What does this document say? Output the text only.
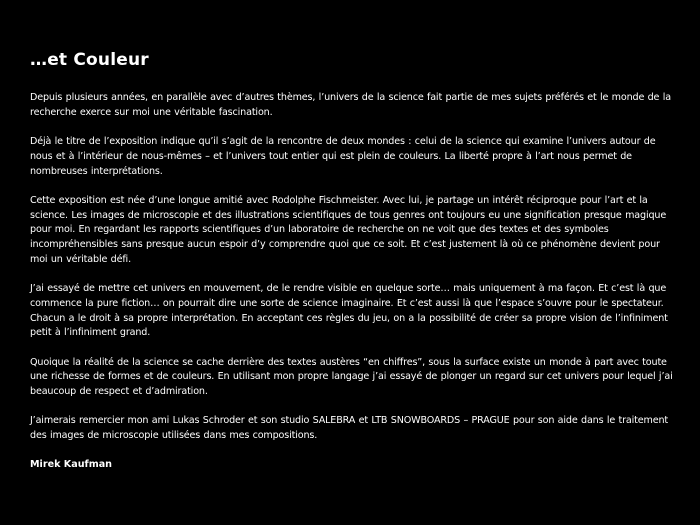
…et Couleur

Depuis plusieurs années, en parallèle avec d’autres thèmes, l’univers de la science fait partie de mes sujets préférés et le monde de la recherche exerce sur moi une véritable fascination.

Déjà le titre de l’exposition indique qu’il s’agit de la rencontre de deux mondes : celui de la science qui examine l’univers autour de nous et à l’intérieur de nous-mêmes – et l’univers tout entier qui est plein de couleurs. La liberté propre à l’art nous permet de nombreuses interprétations.

Cette exposition est née d’une longue amitié avec Rodolphe Fischmeister. Avec lui, je partage un intérêt réciproque pour l’art et la science. Les images de microscopie et des illustrations scientifiques de tous genres ont toujours eu une signification presque magique pour moi. En regardant les rapports scientifiques d’un laboratoire de recherche on ne voit que des textes et des symboles incompréhensibles sans presque aucun espoir d’y comprendre quoi que ce soit. Et c’est justement là où ce phénomène devient pour moi un véritable défi.

J’ai essayé de mettre cet univers en mouvement, de le rendre visible en quelque sorte… mais uniquement à ma façon. Et c’est là que commence la pure fiction… on pourrait dire une sorte de science imaginaire. Et c’est aussi là que l’espace s’ouvre pour le spectateur. Chacun a le droit à sa propre interprétation. En acceptant ces règles du jeu, on a la possibilité de créer sa propre vision de l’infiniment petit à l’infiniment grand.

Quoique la réalité de la science se cache derrière des textes austères “en chiffres”, sous la surface existe un monde à part avec toute une richesse de formes et de couleurs. En utilisant mon propre langage j’ai essayé de plonger un regard sur cet univers pour lequel j’ai beaucoup de respect et d’admiration.

J’aimerais remercier mon ami Lukas Schroder et son studio SALEBRA et LTB SNOWBOARDS – PRAGUE pour son aide dans le traitement des images de microscopie utilisées dans mes compositions.

Mirek Kaufman
